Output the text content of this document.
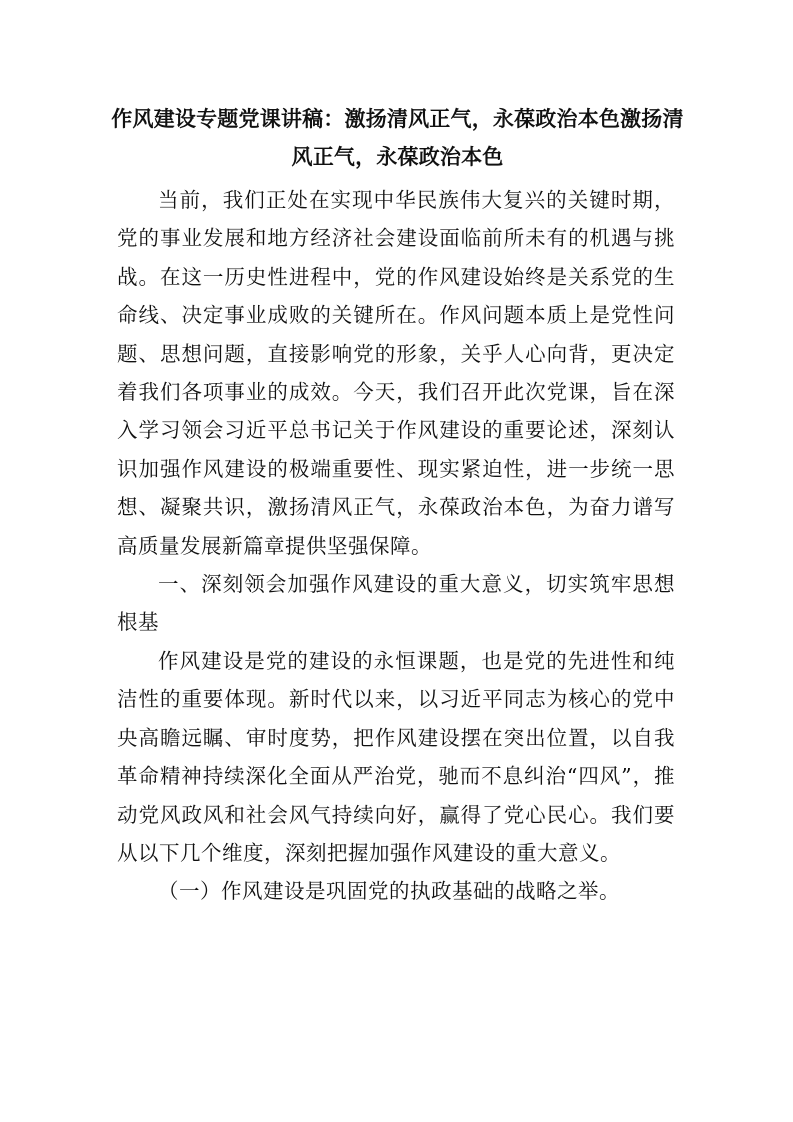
作风建设专题党课讲稿：激扬清风正气，永葆政治本色激扬清风正气，永葆政治本色

当前，我们正处在实现中华民族伟大复兴的关键时期，党的事业发展和地方经济社会建设面临前所未有的机遇与挑战。在这一历史性进程中，党的作风建设始终是关系党的生命线、决定事业成败的关键所在。作风问题本质上是党性问题、思想问题，直接影响党的形象，关乎人心向背，更决定着我们各项事业的成效。今天，我们召开此次党课，旨在深入学习领会习近平总书记关于作风建设的重要论述，深刻认识加强作风建设的极端重要性、现实紧迫性，进一步统一思想、凝聚共识，激扬清风正气，永葆政治本色，为奋力谱写高质量发展新篇章提供坚强保障。

一、深刻领会加强作风建设的重大意义，切实筑牢思想根基

作风建设是党的建设的永恒课题，也是党的先进性和纯洁性的重要体现。新时代以来，以习近平同志为核心的党中央高瞻远瞩、审时度势，把作风建设摆在突出位置，以自我革命精神持续深化全面从严治党，驰而不息纠治“四风”，推动党风政风和社会风气持续向好，赢得了党心民心。我们要从以下几个维度，深刻把握加强作风建设的重大意义。

（一）作风建设是巩固党的执政基础的战略之举。
